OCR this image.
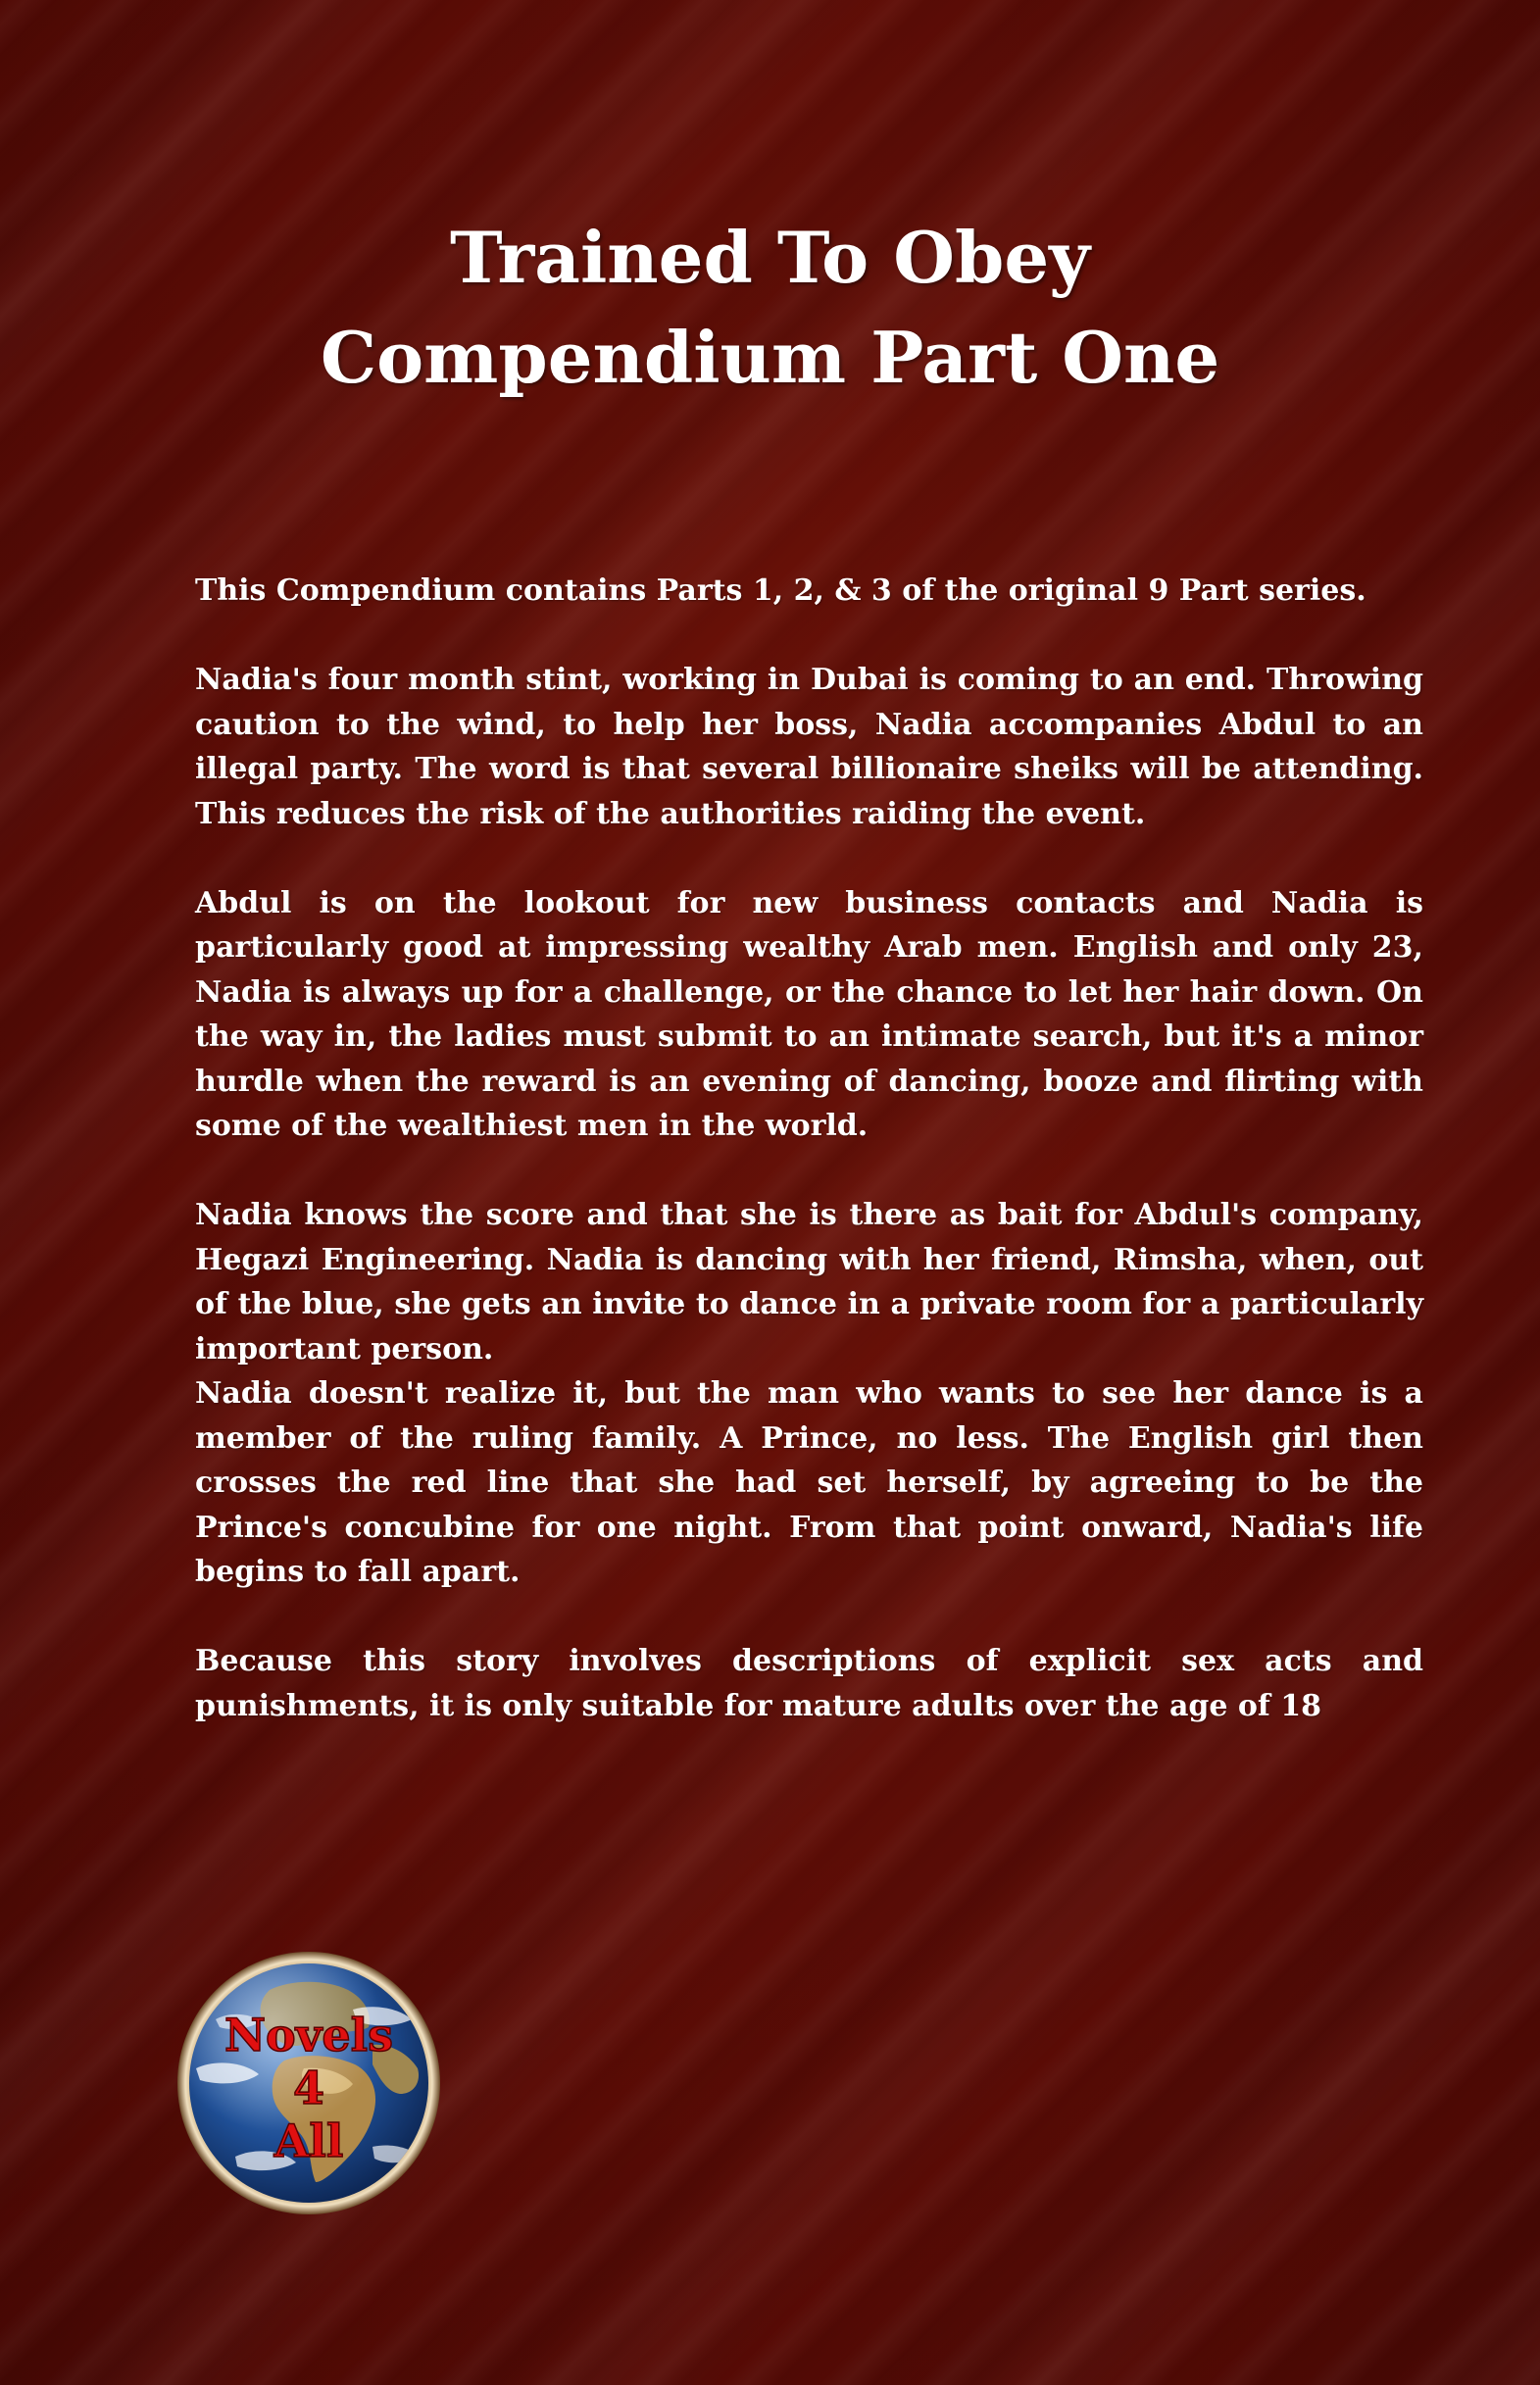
Trained To Obey
Compendium Part One

This Compendium contains Parts 1, 2, & 3 of the original 9 Part series.

Nadia's four month stint, working in Dubai is coming to an end. Throwing caution to the wind, to help her boss, Nadia accompanies Abdul to an illegal party. The word is that several billionaire sheiks will be attending. This reduces the risk of the authorities raiding the event.

Abdul is on the lookout for new business contacts and Nadia is particularly good at impressing wealthy Arab men. English and only 23, Nadia is always up for a challenge, or the chance to let her hair down. On the way in, the ladies must submit to an intimate search, but it's a minor hurdle when the reward is an evening of dancing, booze and flirting with some of the wealthiest men in the world.

Nadia knows the score and that she is there as bait for Abdul's company, Hegazi Engineering. Nadia is dancing with her friend, Rimsha, when, out of the blue, she gets an invite to dance in a private room for a particularly important person.

Nadia doesn't realize it, but the man who wants to see her dance is a member of the ruling family. A Prince, no less. The English girl then crosses the red line that she had set herself, by agreeing to be the Prince's concubine for one night. From that point onward, Nadia's life begins to fall apart.

Because this story involves descriptions of explicit sex acts and punishments, it is only suitable for mature adults over the age of 18

Novels
4
All
